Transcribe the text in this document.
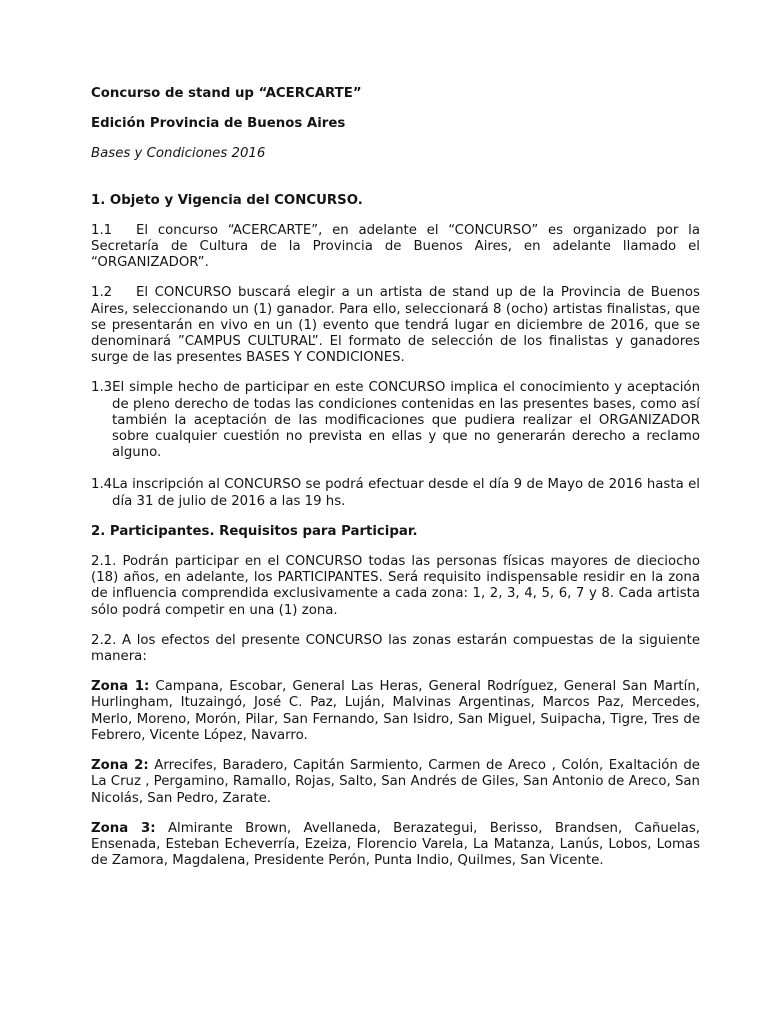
Concurso de stand up “ACERCARTE”

Edición Provincia de Buenos Aires

Bases y Condiciones 2016

1. Objeto y Vigencia del CONCURSO.

1.1 El concurso “ACERCARTE”, en adelante el “CONCURSO” es organizado por la Secretaría de Cultura de la Provincia de Buenos Aires, en adelante llamado el “ORGANIZADOR”.

1.2 El CONCURSO buscará elegir a un artista de stand up de la Provincia de Buenos Aires, seleccionando un (1) ganador. Para ello, seleccionará 8 (ocho) artistas finalistas, que se presentarán en vivo en un (1) evento que tendrá lugar en diciembre de 2016, que se denominará ”CAMPUS CULTURAL”. El formato de selección de los finalistas y ganadores surge de las presentes BASES Y CONDICIONES.

1.3El simple hecho de participar en este CONCURSO implica el conocimiento y aceptación de pleno derecho de todas las condiciones contenidas en las presentes bases, como así también la aceptación de las modificaciones que pudiera realizar el ORGANIZADOR sobre cualquier cuestión no prevista en ellas y que no generarán derecho a reclamo alguno.

1.4La inscripción al CONCURSO se podrá efectuar desde el día 9 de Mayo de 2016 hasta el día 31 de julio de 2016 a las 19 hs.

2. Participantes. Requisitos para Participar.

2.1. Podrán participar en el CONCURSO todas las personas físicas mayores de dieciocho (18) años, en adelante, los PARTICIPANTES. Será requisito indispensable residir en la zona de influencia comprendida exclusivamente a cada zona: 1, 2, 3, 4, 5, 6, 7 y 8. Cada artista sólo podrá competir en una (1) zona.

2.2. A los efectos del presente CONCURSO las zonas estarán compuestas de la siguiente manera:

Zona 1: Campana, Escobar, General Las Heras, General Rodríguez, General San Martín, Hurlingham, Ituzaingó, José C. Paz, Luján, Malvinas Argentinas, Marcos Paz, Mercedes, Merlo, Moreno, Morón, Pilar, San Fernando, San Isidro, San Miguel, Suipacha, Tigre, Tres de Febrero, Vicente López, Navarro.

Zona 2: Arrecifes, Baradero, Capitán Sarmiento, Carmen de Areco , Colón, Exaltación de La Cruz , Pergamino, Ramallo, Rojas, Salto, San Andrés de Giles, San Antonio de Areco, San Nicolás, San Pedro, Zarate.

Zona 3: Almirante Brown, Avellaneda, Berazategui, Berisso, Brandsen, Cañuelas, Ensenada, Esteban Echeverría, Ezeiza, Florencio Varela, La Matanza, Lanús, Lobos, Lomas de Zamora, Magdalena, Presidente Perón, Punta Indio, Quilmes, San Vicente.
